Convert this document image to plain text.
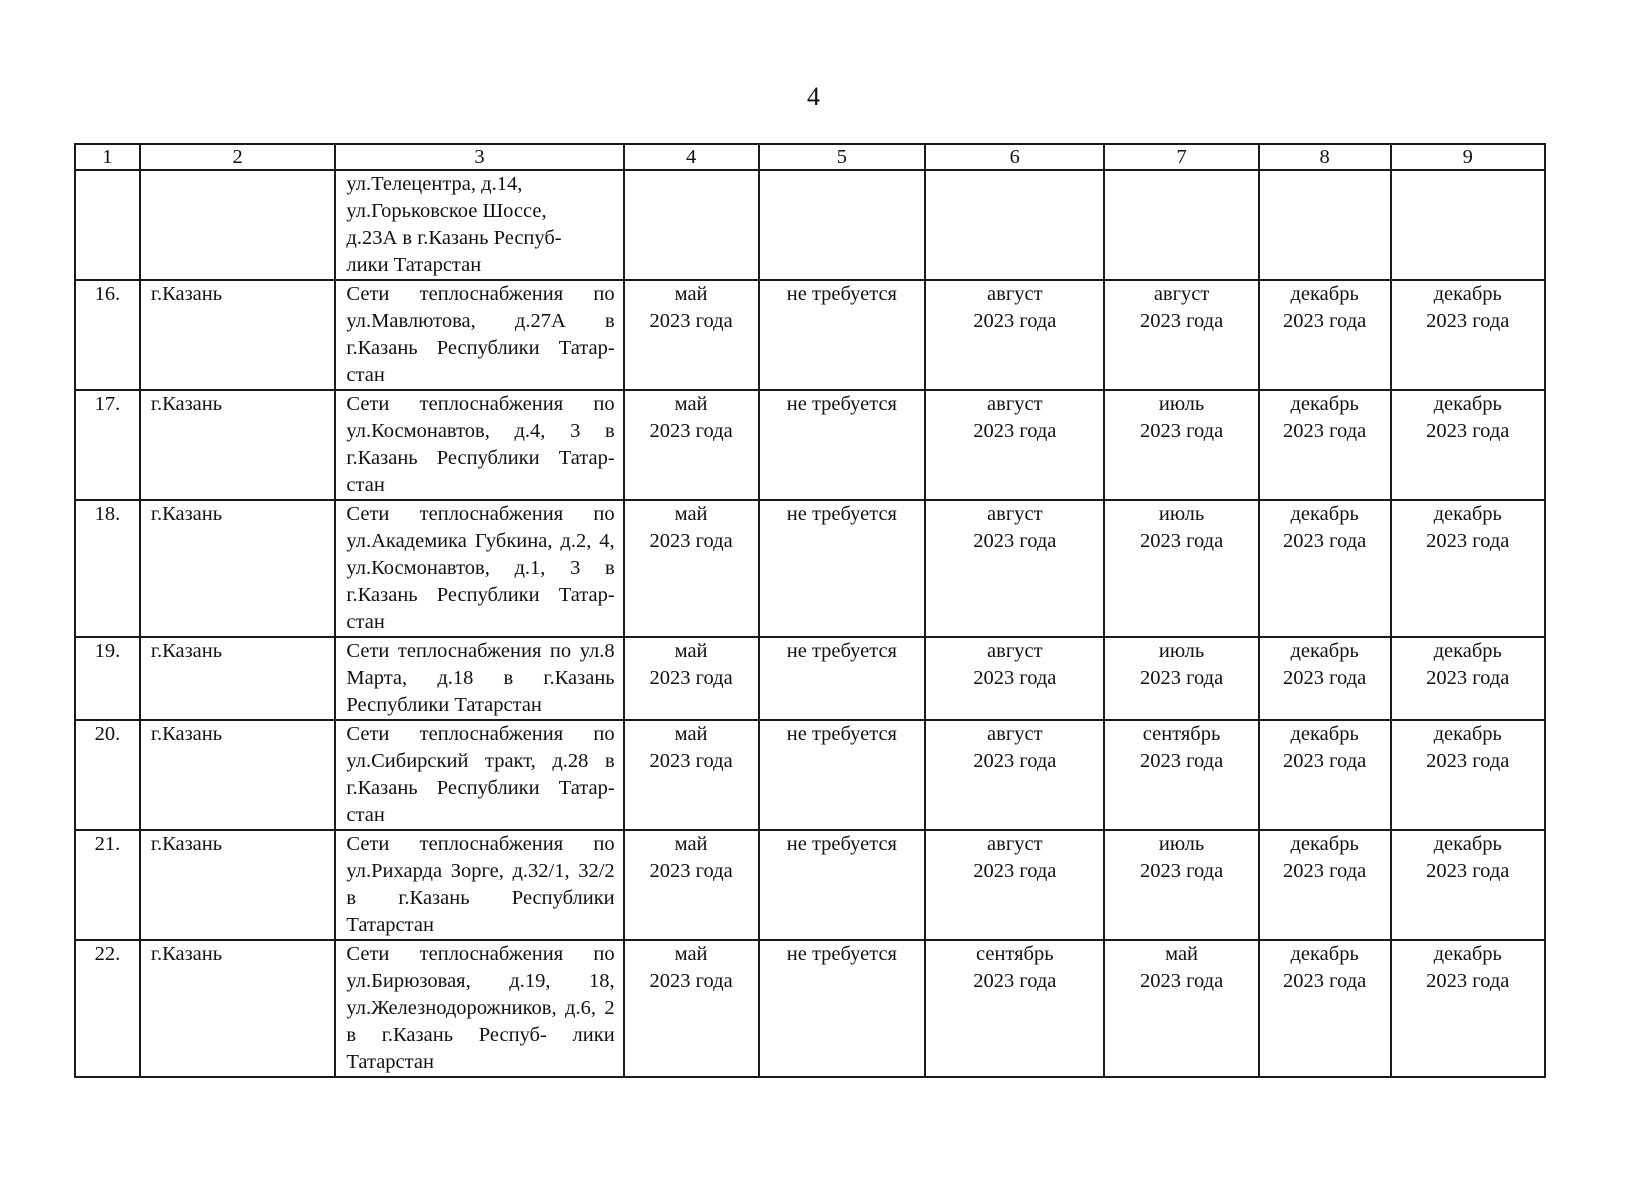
4
1	2	3	4	5	6	7	8	9

		ул.Телецентра, д.14,
ул.Горьковское Шоссе,
д.23А в г.Казань Респуб-
лики Татарстан						

16.	г.Казань	Сети теплоснабжения по ул.Мавлютова, д.27А в г.Казань Республики Татар- стан	май
2023 года	не требуется	август
2023 года	август
2023 года	декабрь
2023 года	декабрь
2023 года

17.	г.Казань	Сети теплоснабжения по ул.Космонавтов, д.4, 3 в г.Казань Республики Татар- стан	май
2023 года	не требуется	август
2023 года	июль
2023 года	декабрь
2023 года	декабрь
2023 года

18.	г.Казань	Сети теплоснабжения по ул.Академика Губкина, д.2, 4, ул.Космонавтов, д.1, 3 в г.Казань Республики Татар- стан	май
2023 года	не требуется	август
2023 года	июль
2023 года	декабрь
2023 года	декабрь
2023 года

19.	г.Казань	Сети теплоснабжения по ул.8 Марта, д.18 в г.Казань Республики Татарстан	май
2023 года	не требуется	август
2023 года	июль
2023 года	декабрь
2023 года	декабрь
2023 года

20.	г.Казань	Сети теплоснабжения по ул.Сибирский тракт, д.28 в г.Казань Республики Татар- стан	май
2023 года	не требуется	август
2023 года	сентябрь
2023 года	декабрь
2023 года	декабрь
2023 года

21.	г.Казань	Сети теплоснабжения по ул.Рихарда Зорге, д.32/1, 32/2 в г.Казань Республики Татарстан	май
2023 года	не требуется	август
2023 года	июль
2023 года	декабрь
2023 года	декабрь
2023 года

22.	г.Казань	Сети теплоснабжения по ул.Бирюзовая, д.19, 18, ул.Железнодорожников, д.6, 2 в г.Казань Респуб- лики Татарстан	май
2023 года	не требуется	сентябрь
2023 года	май
2023 года	декабрь
2023 года	декабрь
2023 года
